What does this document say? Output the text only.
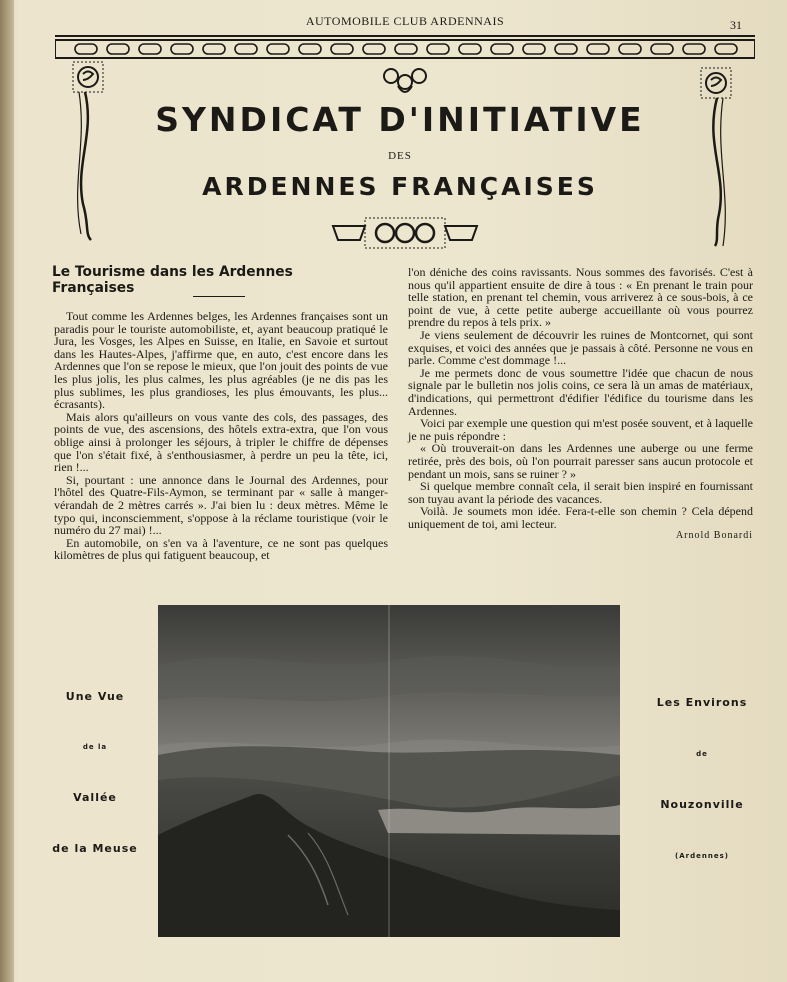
AUTOMOBILE CLUB ARDENNAIS	31
SYNDICAT D'INITIATIVE
DES
ARDENNES FRANÇAISES
Le Tourisme dans les Ardennes Françaises

Tout comme les Ardennes belges, les Ardennes françaises sont un paradis pour le touriste automobiliste, et, ayant beaucoup pratiqué le Jura, les Vosges, les Alpes en Suisse, en Italie, en Savoie et surtout dans les Hautes-Alpes, j'affirme que, en auto, c'est encore dans les Ardennes que l'on se repose le mieux, que l'on jouit des points de vue les plus jolis, les plus calmes, les plus agréables (je ne dis pas les plus sublimes, les plus grandioses, les plus émouvants, les plus... écrasants).

Mais alors qu'ailleurs on vous vante des cols, des passages, des points de vue, des ascensions, des hôtels extra-extra, que l'on vous oblige ainsi à prolonger les séjours, à tripler le chiffre de dépenses que l'on s'était fixé, à s'enthousiasmer, à perdre un peu la tête, ici, rien !...

Si, pourtant : une annonce dans le Journal des Ardennes, pour l'hôtel des Quatre-Fils-Aymon, se terminant par « salle à manger-vérandah de 2 mètres carrés ». J'ai bien lu : deux mètres. Même le typo qui, inconsciemment, s'oppose à la réclame touristique (voir le numéro du 27 mai) !...

En automobile, on s'en va à l'aventure, ce ne sont pas quelques kilomètres de plus qui fatiguent beaucoup, et

l'on déniche des coins ravissants. Nous sommes des favorisés. C'est à nous qu'il appartient ensuite de dire à tous : « En prenant le train pour telle station, en prenant tel chemin, vous arriverez à ce sous-bois, à ce point de vue, à cette petite auberge accueillante où vous pourrez prendre du repos à tels prix. »

Je viens seulement de découvrir les ruines de Montcornet, qui sont exquises, et voici des années que je passais à côté. Personne ne vous en parle. Comme c'est dommage !...

Je me permets donc de vous soumettre l'idée que chacun de nous signale par le bulletin nos jolis coins, ce sera là un amas de matériaux, d'indications, qui permettront d'édifier l'édifice du tourisme dans les Ardennes.

Voici par exemple une question qui m'est posée souvent, et à laquelle je ne puis répondre :

« Où trouverait-on dans les Ardennes une auberge ou une ferme retirée, près des bois, où l'on pourrait paresser sans aucun protocole et pendant un mois, sans se ruiner ? »

Si quelque membre connaît cela, il serait bien inspiré en fournissant son tuyau avant la période des vacances.

Voilà. Je soumets mon idée. Fera-t-elle son chemin ? Cela dépend uniquement de toi, ami lecteur.

Arnold Bonardi

Une Vue
de la
Vallée
de la Meuse
Les Environs
de
Nouzonville
(Ardennes)
